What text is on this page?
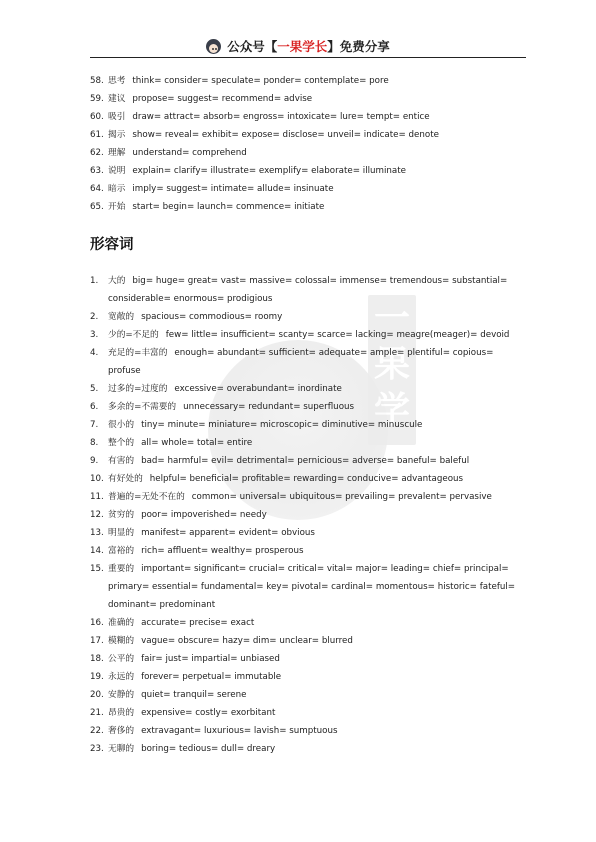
公众号【一果学长】免费分享
一果学
58. 思考 think= consider= speculate= ponder= contemplate= pore
59. 建议 propose= suggest= recommend= advise
60. 吸引 draw= attract= absorb= engross= intoxicate= lure= tempt= entice
61. 揭示 show= reveal= exhibit= expose= disclose= unveil= indicate= denote
62. 理解 understand= comprehend
63. 说明 explain= clarify= illustrate= exemplify= elaborate= illuminate
64. 暗示 imply= suggest= intimate= allude= insinuate
65. 开始 start= begin= launch= commence= initiate
形容词
1. 大的 big= huge= great= vast= massive= colossal= immense= tremendous= substantial=
considerable= enormous= prodigious
2. 宽敞的 spacious= commodious= roomy
3. 少的=不足的 few= little= insufficient= scanty= scarce= lacking= meagre(meager)= devoid
4. 充足的=丰富的 enough= abundant= sufficient= adequate= ample= plentiful= copious=
profuse
5. 过多的=过度的 excessive= overabundant= inordinate
6. 多余的=不需要的 unnecessary= redundant= superfluous
7. 很小的 tiny= minute= miniature= microscopic= diminutive= minuscule
8. 整个的 all= whole= total= entire
9. 有害的 bad= harmful= evil= detrimental= pernicious= adverse= baneful= baleful
10. 有好处的 helpful= beneficial= profitable= rewarding= conducive= advantageous
11. 普遍的=无处不在的 common= universal= ubiquitous= prevailing= prevalent= pervasive
12. 贫穷的 poor= impoverished= needy
13. 明显的 manifest= apparent= evident= obvious
14. 富裕的 rich= affluent= wealthy= prosperous
15. 重要的 important= significant= crucial= critical= vital= major= leading= chief= principal=
primary= essential= fundamental= key= pivotal= cardinal= momentous= historic= fateful=
dominant= predominant
16. 准确的 accurate= precise= exact
17. 模糊的 vague= obscure= hazy= dim= unclear= blurred
18. 公平的 fair= just= impartial= unbiased
19. 永远的 forever= perpetual= immutable
20. 安静的 quiet= tranquil= serene
21. 昂贵的 expensive= costly= exorbitant
22. 奢侈的 extravagant= luxurious= lavish= sumptuous
23. 无聊的 boring= tedious= dull= dreary
